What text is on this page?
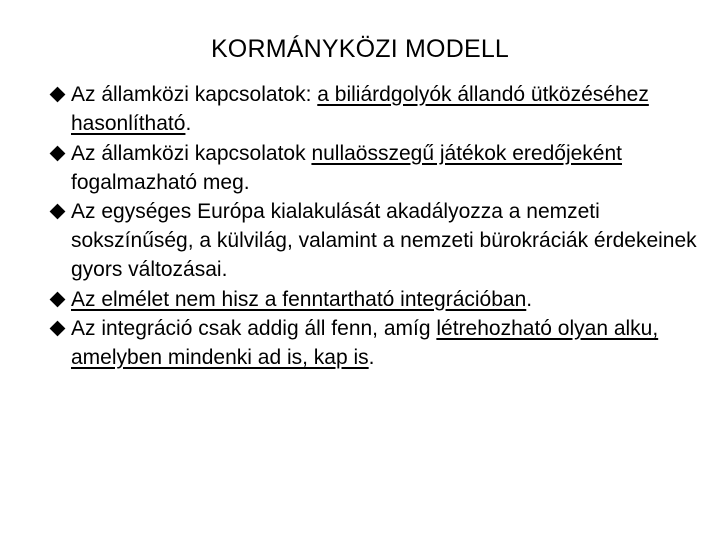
KORMÁNYKÖZI MODELL
Az államközi kapcsolatok: a biliárdgolyók állandó ütközéséhez hasonlítható.
Az államközi kapcsolatok nullaösszegű játékok eredőjeként fogalmazható meg.
Az egységes Európa kialakulását akadályozza a nemzeti sokszínűség, a külvilág, valamint a nemzeti bürokráciák érdekeinek gyors változásai.
Az elmélet nem hisz a fenntartható integrációban.
Az integráció csak addig áll fenn, amíg létrehozható olyan alku, amelyben mindenki ad is, kap is.
